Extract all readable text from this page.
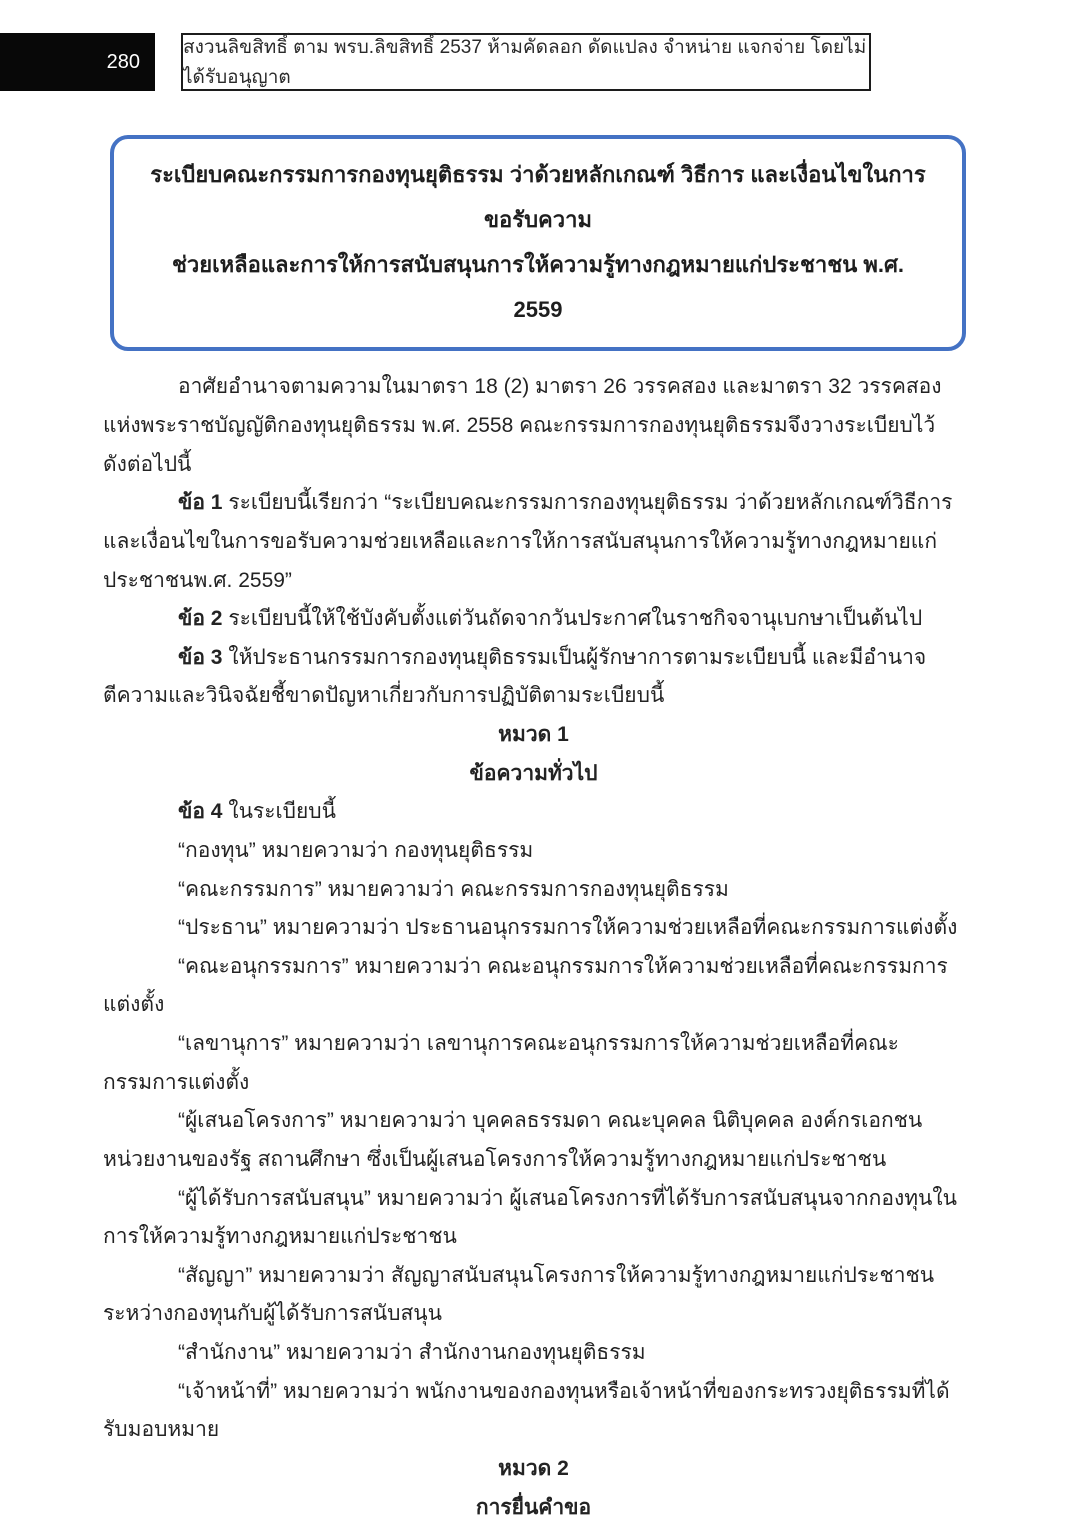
280
สงวนลิขสิทธิ์ ตาม พรบ.ลิขสิทธิ์ 2537 ห้ามคัดลอก ดัดแปลง จำหน่าย แจกจ่าย โดยไม่ได้รับอนุญาต
ระเบียบคณะกรรมการกองทุนยุติธรรม ว่าด้วยหลักเกณฑ์ วิธีการ และเงื่อนไขในการขอรับความ
ช่วยเหลือและการให้การสนับสนุนการให้ความรู้ทางกฎหมายแก่ประชาชน พ.ศ. 2559

อาศัยอำนาจตามความในมาตรา 18 (2) มาตรา 26 วรรคสอง และมาตรา 32 วรรคสองแห่งพระราชบัญญัติกองทุนยุติธรรม พ.ศ. 2558 คณะกรรมการกองทุนยุติธรรมจึงวางระเบียบไว้ ดังต่อไปนี้

ข้อ 1 ระเบียบนี้เรียกว่า “ระเบียบคณะกรรมการกองทุนยุติธรรม ว่าด้วยหลักเกณฑ์วิธีการ และเงื่อนไขในการขอรับความช่วยเหลือและการให้การสนับสนุนการให้ความรู้ทางกฎหมายแก่ประชาชนพ.ศ. 2559”

ข้อ 2 ระเบียบนี้ให้ใช้บังคับตั้งแต่วันถัดจากวันประกาศในราชกิจจานุเบกษาเป็นต้นไป

ข้อ 3 ให้ประธานกรรมการกองทุนยุติธรรมเป็นผู้รักษาการตามระเบียบนี้ และมีอำนาจตีความและวินิจฉัยชี้ขาดปัญหาเกี่ยวกับการปฏิบัติตามระเบียบนี้

หมวด 1

ข้อความทั่วไป

ข้อ 4 ในระเบียบนี้

“กองทุน” หมายความว่า กองทุนยุติธรรม

“คณะกรรมการ” หมายความว่า คณะกรรมการกองทุนยุติธรรม

“ประธาน” หมายความว่า ประธานอนุกรรมการให้ความช่วยเหลือที่คณะกรรมการแต่งตั้ง

“คณะอนุกรรมการ” หมายความว่า คณะอนุกรรมการให้ความช่วยเหลือที่คณะกรรมการแต่งตั้ง

“เลขานุการ” หมายความว่า เลขานุการคณะอนุกรรมการให้ความช่วยเหลือที่คณะกรรมการแต่งตั้ง

“ผู้เสนอโครงการ” หมายความว่า บุคคลธรรมดา คณะบุคคล นิติบุคคล องค์กรเอกชนหน่วยงานของรัฐ สถานศึกษา ซึ่งเป็นผู้เสนอโครงการให้ความรู้ทางกฎหมายแก่ประชาชน

“ผู้ได้รับการสนับสนุน” หมายความว่า ผู้เสนอโครงการที่ได้รับการสนับสนุนจากกองทุนในการให้ความรู้ทางกฎหมายแก่ประชาชน

“สัญญา” หมายความว่า สัญญาสนับสนุนโครงการให้ความรู้ทางกฎหมายแก่ประชาชนระหว่างกองทุนกับผู้ได้รับการสนับสนุน

“สำนักงาน” หมายความว่า สำนักงานกองทุนยุติธรรม

“เจ้าหน้าที่” หมายความว่า พนักงานของกองทุนหรือเจ้าหน้าที่ของกระทรวงยุติธรรมที่ได้รับมอบหมาย

หมวด 2

การยื่นคำขอ
